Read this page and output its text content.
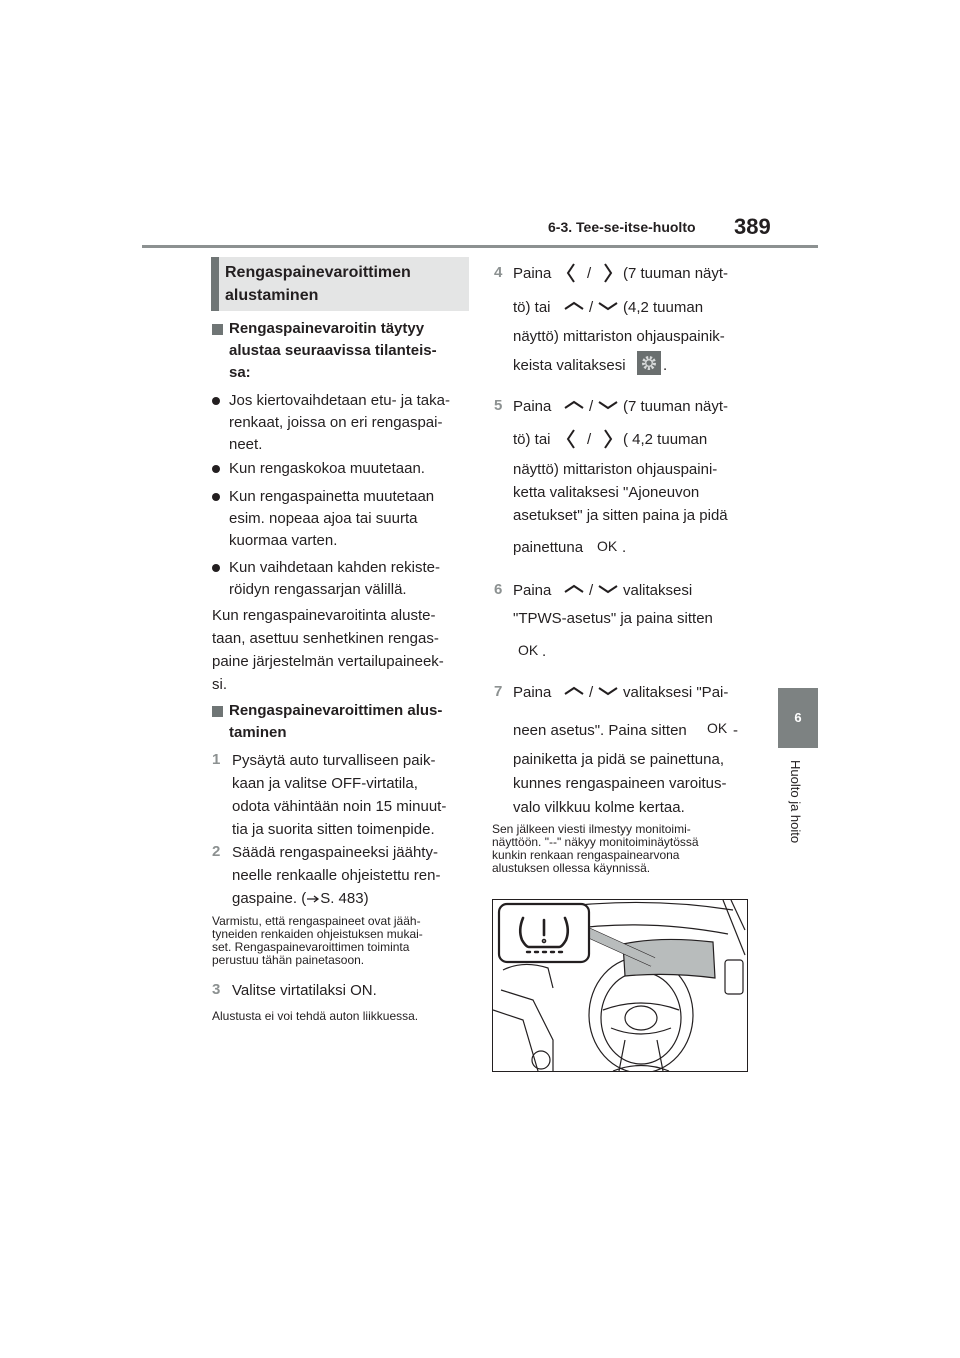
6-3. Tee-se-itse-huolto 389
6
Huolto ja hoito
Rengaspainevaroittimen
alustaminen
Rengaspainevaroitin täytyy
alustaa seuraavissa tilanteis-
sa:
Jos kiertovaihdetaan etu- ja taka-
renkaat, joissa on eri rengaspai-
neet.
Kun rengaskokoa muutetaan.
Kun rengaspainetta muutetaan
esim. nopeaa ajoa tai suurta
kuormaa varten.
Kun vaihdetaan kahden rekiste-
röidyn rengassarjan välillä.
Kun rengaspainevaroitinta aluste-
taan, asettuu senhetkinen rengas-
paine järjestelmän vertailupaineek-
si.
Rengaspainevaroittimen alus-
taminen
1 Pysäytä auto turvalliseen paik-
kaan ja valitse OFF-virtatila,
odota vähintään noin 15 minuut-
tia ja suorita sitten toimenpide.
2 Säädä rengaspaineeksi jäähty-
neelle renkaalle ohjeistettu ren-
gaspaine. ( S. 483)
Varmistu, että rengaspaineet ovat jääh-
tyneiden renkaiden ohjeistuksen mukai-
set. Rengaspainevaroittimen toiminta
perustuu tähän painetasoon.
3 Valitse virtatilaksi ON.
Alustusta ei voi tehdä auton liikkuessa.
4 Paina / (7 tuuman näyt-
tö) tai	/ (4,2 tuuman
näyttö) mittariston ohjauspainik-
keista valitaksesi .
5 Paina	/ (7 tuuman näyt-
tö) tai / ( 4,2 tuuman
näyttö) mittariston ohjauspaini-
ketta valitaksesi "Ajoneuvon
asetukset" ja sitten paina ja pidä
painettuna OK .
6 Paina	/ valitaksesi
"TPWS-asetus" ja paina sitten
OK .
7 Paina	/ valitaksesi "Pai-
neen asetus". Paina sitten OK -
painiketta ja pidä se painettuna,
kunnes rengaspaineen varoitus-
valo vilkkuu kolme kertaa.
Sen jälkeen viesti ilmestyy monitoimi-
näyttöön. "--" näkyy monitoiminäytössä
kunkin renkaan rengaspainearvona
alustuksen ollessa käynnissä.
